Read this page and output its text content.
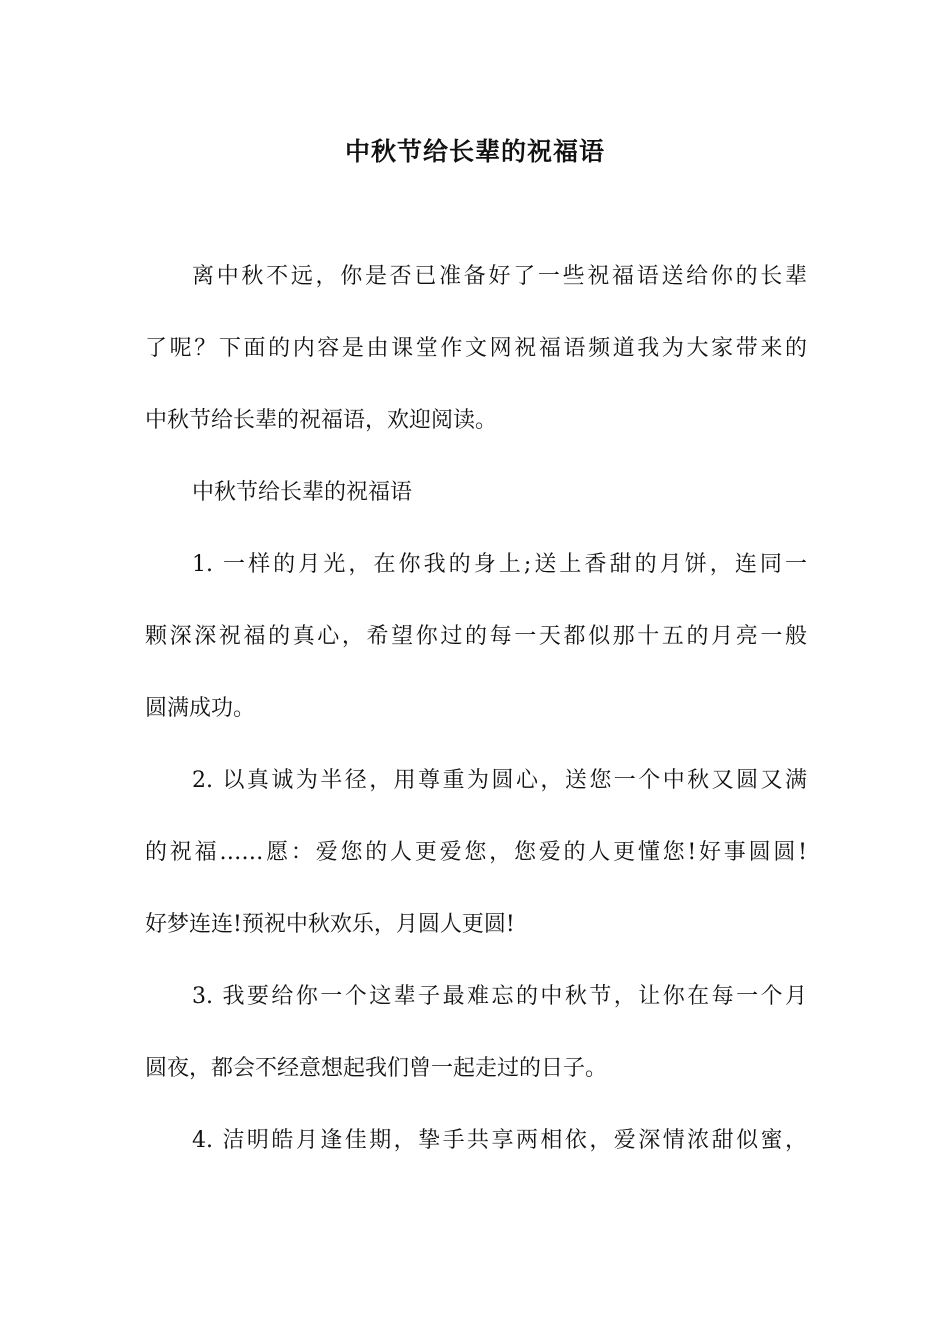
中秋节给长辈的祝福语
离中秋不远，你是否已准备好了一些祝福语送给你的长辈
了呢？下面的内容是由课堂作文网祝福语频道我为大家带来的
中秋节给长辈的祝福语，欢迎阅读。
中秋节给长辈的祝福语
1. 一样的月光，在你我的身上;送上香甜的月饼，连同一
颗深深祝福的真心，希望你过的每一天都似那十五的月亮一般
圆满成功。
2. 以真诚为半径，用尊重为圆心，送您一个中秋又圆又满
的祝福……愿：爱您的人更爱您，您爱的人更懂您!好事圆圆!
好梦连连!预祝中秋欢乐，月圆人更圆!
3. 我要给你一个这辈子最难忘的中秋节，让你在每一个月
圆夜，都会不经意想起我们曾一起走过的日子。
4. 洁明皓月逢佳期，挚手共享两相依，爱深情浓甜似蜜，
